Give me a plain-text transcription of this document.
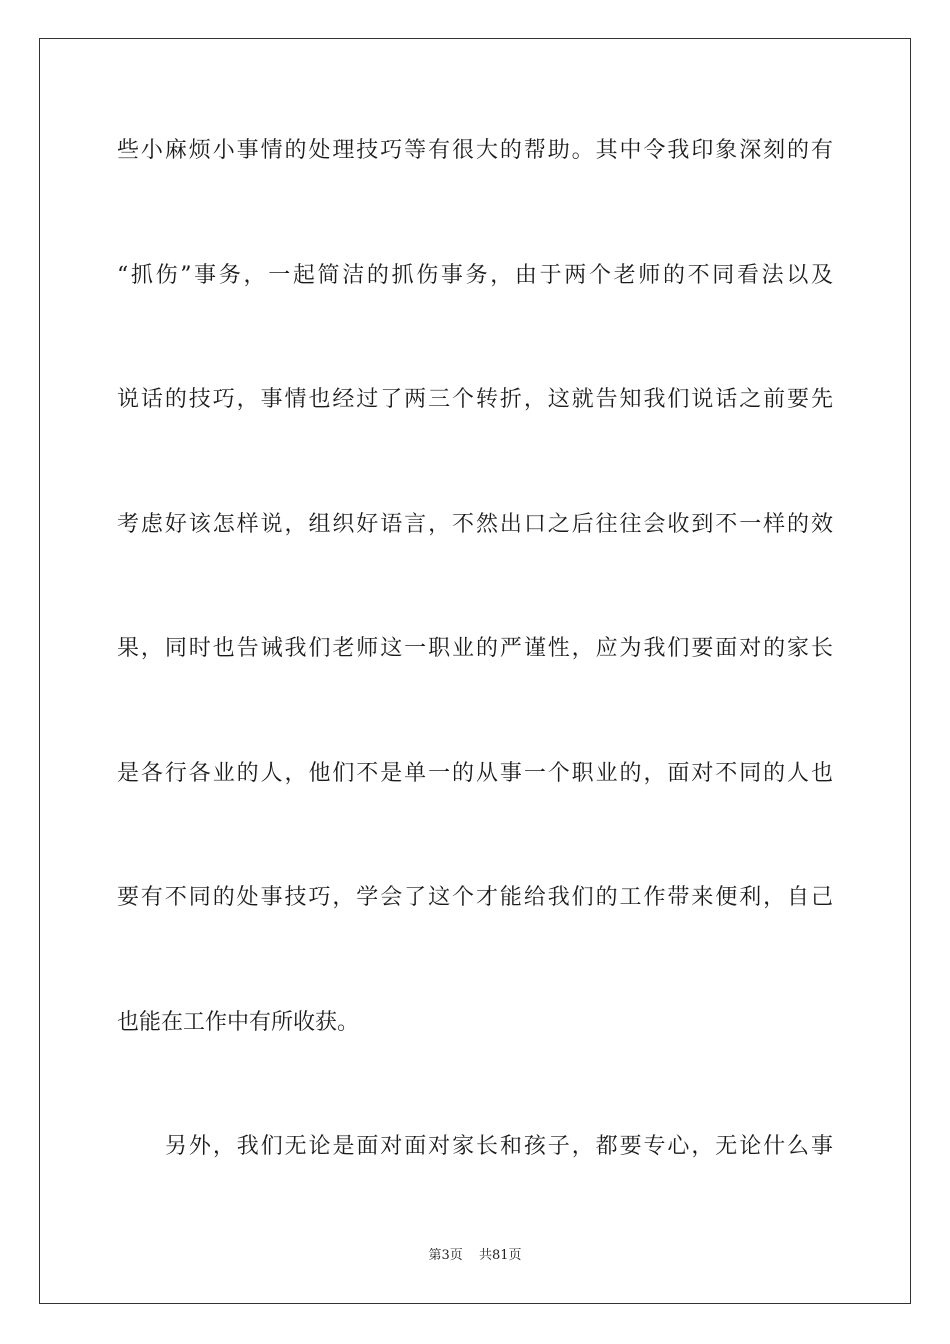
些小麻烦小事情的处理技巧等有很大的帮助。其中令我印象深刻的有
“抓伤”事务，一起简洁的抓伤事务，由于两个老师的不同看法以及
说话的技巧，事情也经过了两三个转折，这就告知我们说话之前要先
考虑好该怎样说，组织好语言，不然出口之后往往会收到不一样的效
果，同时也告诫我们老师这一职业的严谨性，应为我们要面对的家长
是各行各业的人，他们不是单一的从事一个职业的，面对不同的人也
要有不同的处事技巧，学会了这个才能给我们的工作带来便利，自己
也能在工作中有所收获。
另外，我们无论是面对面对家长和孩子，都要专心，无论什么事
第3页 共81页
